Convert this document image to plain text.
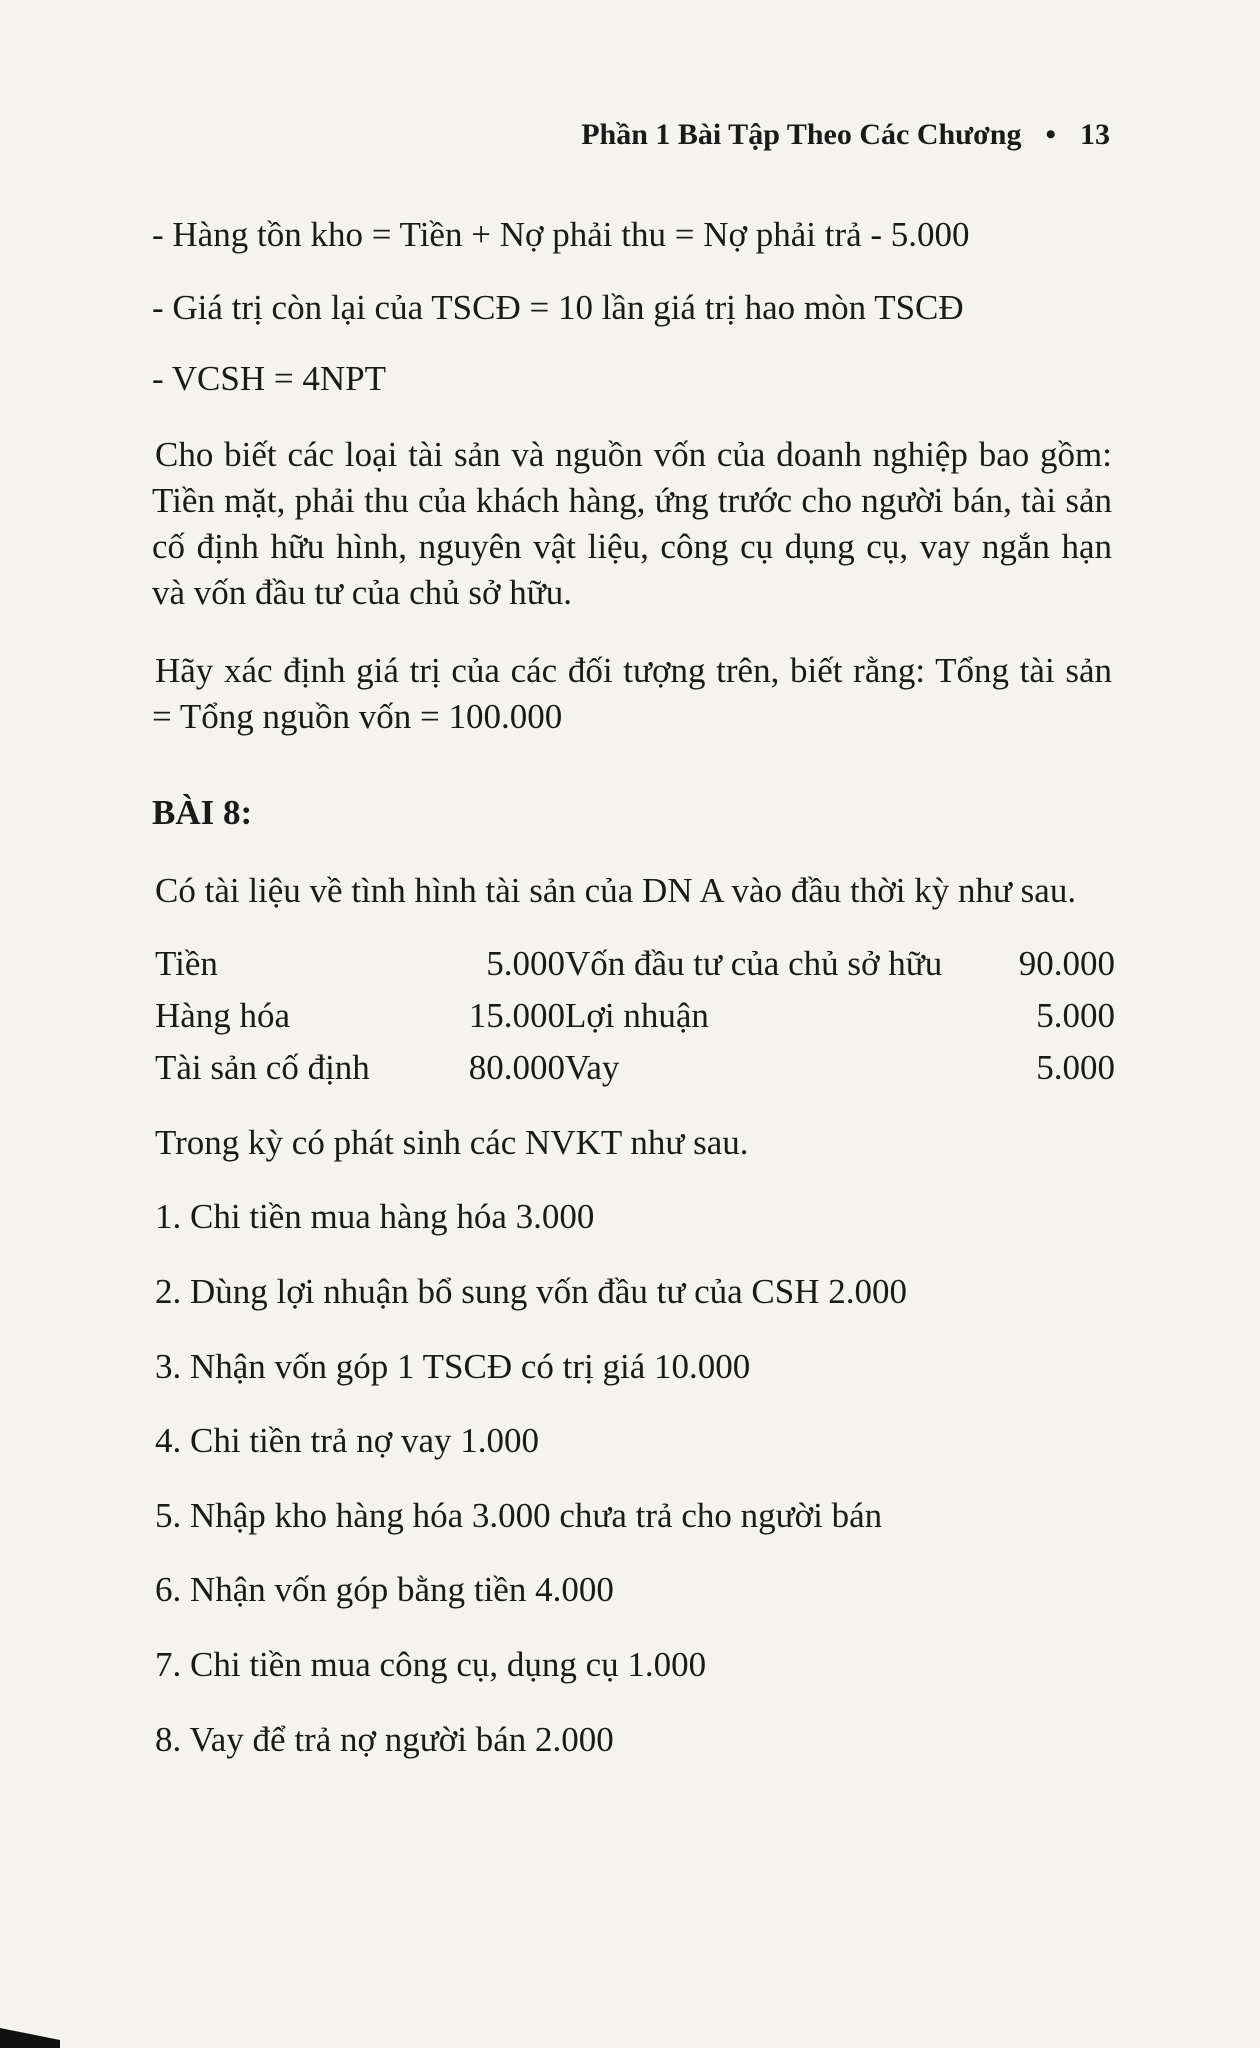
Phần 1 Bài Tập Theo Các Chương • 13
- Hàng tồn kho = Tiền + Nợ phải thu = Nợ phải trả - 5.000
- Giá trị còn lại của TSCĐ = 10 lần giá trị hao mòn TSCĐ
- VCSH = 4NPT
Cho biết các loại tài sản và nguồn vốn của doanh nghiệp bao gồm: Tiền mặt, phải thu của khách hàng, ứng trước cho người bán, tài sản cố định hữu hình, nguyên vật liệu, công cụ dụng cụ, vay ngắn hạn và vốn đầu tư của chủ sở hữu.
Hãy xác định giá trị của các đối tượng trên, biết rằng: Tổng tài sản = Tổng nguồn vốn = 100.000
BÀI 8:
Có tài liệu về tình hình tài sản của DN A vào đầu thời kỳ như sau.
Tiền	5.000	Vốn đầu tư của chủ sở hữu	90.000
Hàng hóa	15.000	Lợi nhuận	5.000
Tài sản cố định	80.000	Vay	5.000
Trong kỳ có phát sinh các NVKT như sau.
1. Chi tiền mua hàng hóa 3.000
2. Dùng lợi nhuận bổ sung vốn đầu tư của CSH 2.000
3. Nhận vốn góp 1 TSCĐ có trị giá 10.000
4. Chi tiền trả nợ vay 1.000
5. Nhập kho hàng hóa 3.000 chưa trả cho người bán
6. Nhận vốn góp bằng tiền 4.000
7. Chi tiền mua công cụ, dụng cụ 1.000
8. Vay để trả nợ người bán 2.000
